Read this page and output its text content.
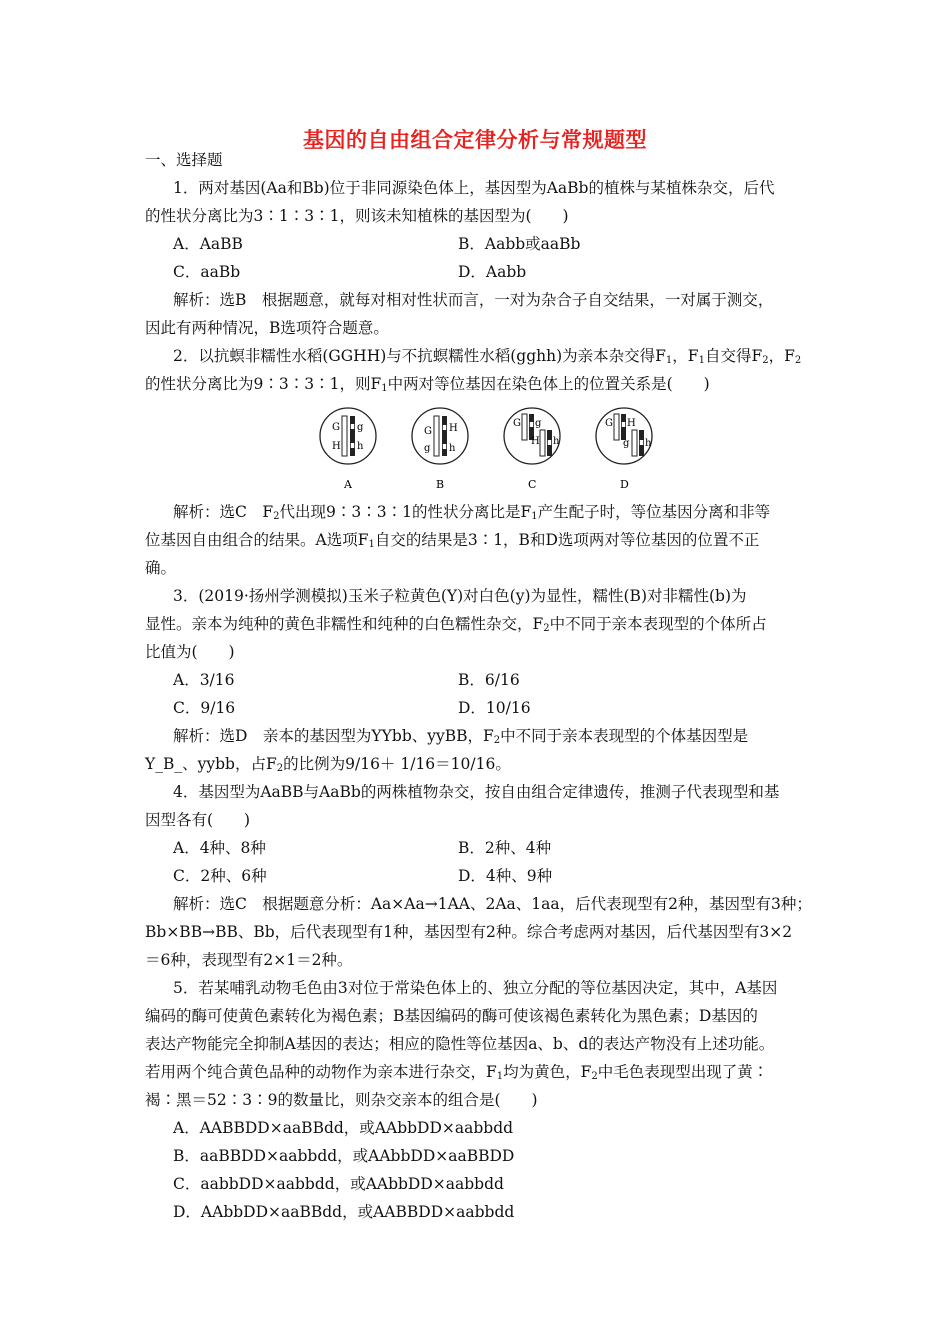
基因的自由组合定律分析与常规题型
一、选择题
1．两对基因(Aa和Bb)位于非同源染色体上，基因型为AaBb的植株与某植株杂交，后代
的性状分离比为3∶1∶3∶1，则该未知植株的基因型为(　　)
A．AaBB	B．Aabb或aaBb
C．aaBb	D．Aabb
解析：选B　根据题意，就每对相对性状而言，一对为杂合子自交结果，一对属于测交，
因此有两种情况，B选项符合题意。
2．以抗螟非糯性水稻(GGHH)与不抗螟糯性水稻(gghh)为亲本杂交得$F_1$，$F_1$自交得$F_2$，$F_2$
的性状分离比为9∶3∶3∶1，则$F_1$中两对等位基因在染色体上的位置关系是(　　)
G
H
g
h
G
g
H
h
G g
H h
G H
g h
A	B	C	D
解析：选C　$F_2$代出现9∶3∶3∶1的性状分离比是$F_1$产生配子时，等位基因分离和非等
位基因自由组合的结果。A选项$F_1$自交的结果是3∶1，B和D选项两对等位基因的位置不正
确。
3．(2019·扬州学测模拟)玉米子粒黄色(Y)对白色(y)为显性，糯性(B)对非糯性(b)为
显性。亲本为纯种的黄色非糯性和纯种的白色糯性杂交，$F_2$中不同于亲本表现型的个体所占
比值为(　　)
A．3/16	B．6/16
C．9/16	D．10/16
解析：选D　亲本的基因型为YYbb、yyBB，$F_2$中不同于亲本表现型的个体基因型是
Y_B_、yybb，占$F_2$的比例为9/16＋ 1/16＝10/16。
4．基因型为AaBB与AaBb的两株植物杂交，按自由组合定律遗传，推测子代表现型和基
因型各有(　　)
A．4种、8种	B．2种、4种
C．2种、6种	D．4种、9种
解析：选C　根据题意分析：Aa×Aa→1AA、2Aa、1aa，后代表现型有2种，基因型有3种；
Bb×BB→BB、Bb，后代表现型有1种，基因型有2种。综合考虑两对基因，后代基因型有3×2
＝6种，表现型有2×1＝2种。
5．若某哺乳动物毛色由3对位于常染色体上的、独立分配的等位基因决定，其中，A基因
编码的酶可使黄色素转化为褐色素；B基因编码的酶可使该褐色素转化为黑色素；D基因的
表达产物能完全抑制A基因的表达；相应的隐性等位基因a、b、d的表达产物没有上述功能。
若用两个纯合黄色品种的动物作为亲本进行杂交，$F_1$均为黄色，$F_2$中毛色表现型出现了黄∶
褐∶黑＝52∶3∶9的数量比，则杂交亲本的组合是(　　)
A．AABBDD×aaBBdd，或AAbbDD×aabbdd
B．aaBBDD×aabbdd，或AAbbDD×aaBBDD
C．aabbDD×aabbdd，或AAbbDD×aabbdd
D．AAbbDD×aaBBdd，或AABBDD×aabbdd
